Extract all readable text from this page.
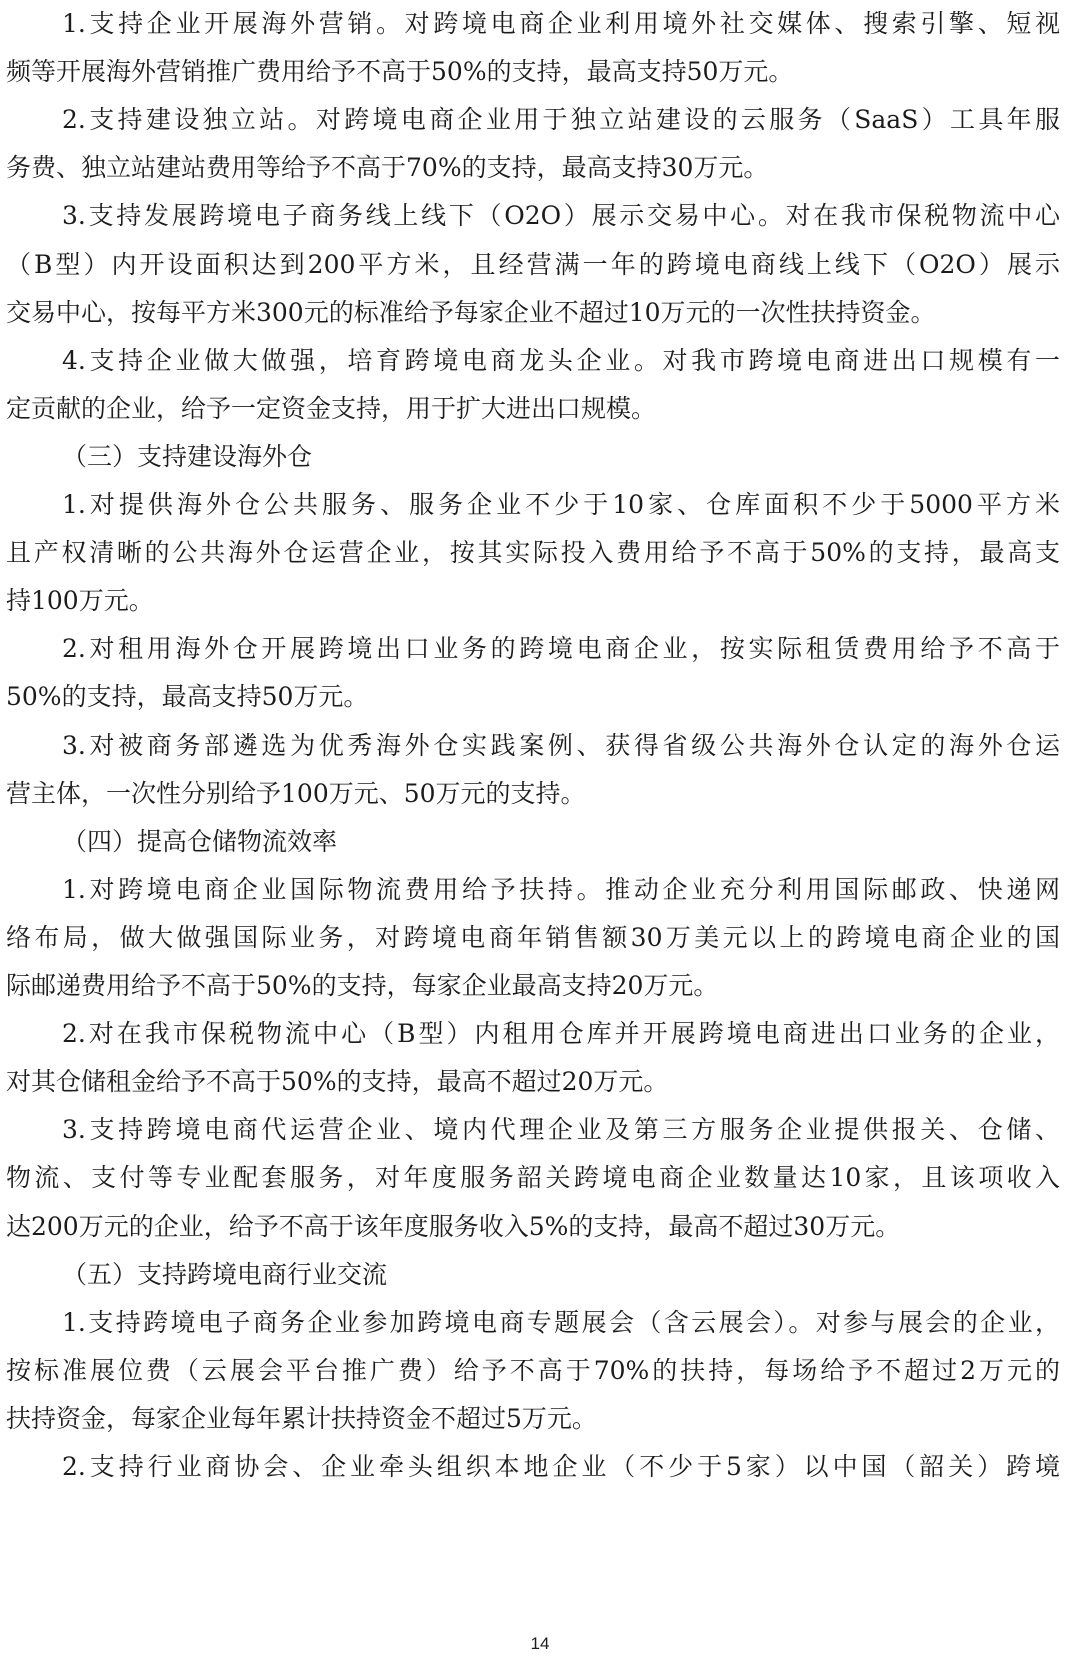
1.支持企业开展海外营销。对跨境电商企业利用境外社交媒体、搜索引擎、短视
频等开展海外营销推广费用给予不高于50%的支持，最高支持50万元。
2.支持建设独立站。对跨境电商企业用于独立站建设的云服务（SaaS）工具年服
务费、独立站建站费用等给予不高于70%的支持，最高支持30万元。
3.支持发展跨境电子商务线上线下（O2O）展示交易中心。对在我市保税物流中心
（B型）内开设面积达到200平方米，且经营满一年的跨境电商线上线下（O2O）展示
交易中心，按每平方米300元的标准给予每家企业不超过10万元的一次性扶持资金。
4.支持企业做大做强，培育跨境电商龙头企业。对我市跨境电商进出口规模有一
定贡献的企业，给予一定资金支持，用于扩大进出口规模。
（三）支持建设海外仓
1.对提供海外仓公共服务、服务企业不少于10家、仓库面积不少于5000平方米
且产权清晰的公共海外仓运营企业，按其实际投入费用给予不高于50%的支持，最高支
持100万元。
2.对租用海外仓开展跨境出口业务的跨境电商企业，按实际租赁费用给予不高于
50%的支持，最高支持50万元。
3.对被商务部遴选为优秀海外仓实践案例、获得省级公共海外仓认定的海外仓运
营主体，一次性分别给予100万元、50万元的支持。
（四）提高仓储物流效率
1.对跨境电商企业国际物流费用给予扶持。推动企业充分利用国际邮政、快递网
络布局，做大做强国际业务，对跨境电商年销售额30万美元以上的跨境电商企业的国
际邮递费用给予不高于50%的支持，每家企业最高支持20万元。
2.对在我市保税物流中心（B型）内租用仓库并开展跨境电商进出口业务的企业，
对其仓储租金给予不高于50%的支持，最高不超过20万元。
3.支持跨境电商代运营企业、境内代理企业及第三方服务企业提供报关、仓储、
物流、支付等专业配套服务，对年度服务韶关跨境电商企业数量达10家，且该项收入
达200万元的企业，给予不高于该年度服务收入5%的支持，最高不超过30万元。
（五）支持跨境电商行业交流
1.支持跨境电子商务企业参加跨境电商专题展会（含云展会）。对参与展会的企业，
按标准展位费（云展会平台推广费）给予不高于70%的扶持，每场给予不超过2万元的
扶持资金，每家企业每年累计扶持资金不超过5万元。
2.支持行业商协会、企业牵头组织本地企业（不少于5家）以中国（韶关）跨境
14
